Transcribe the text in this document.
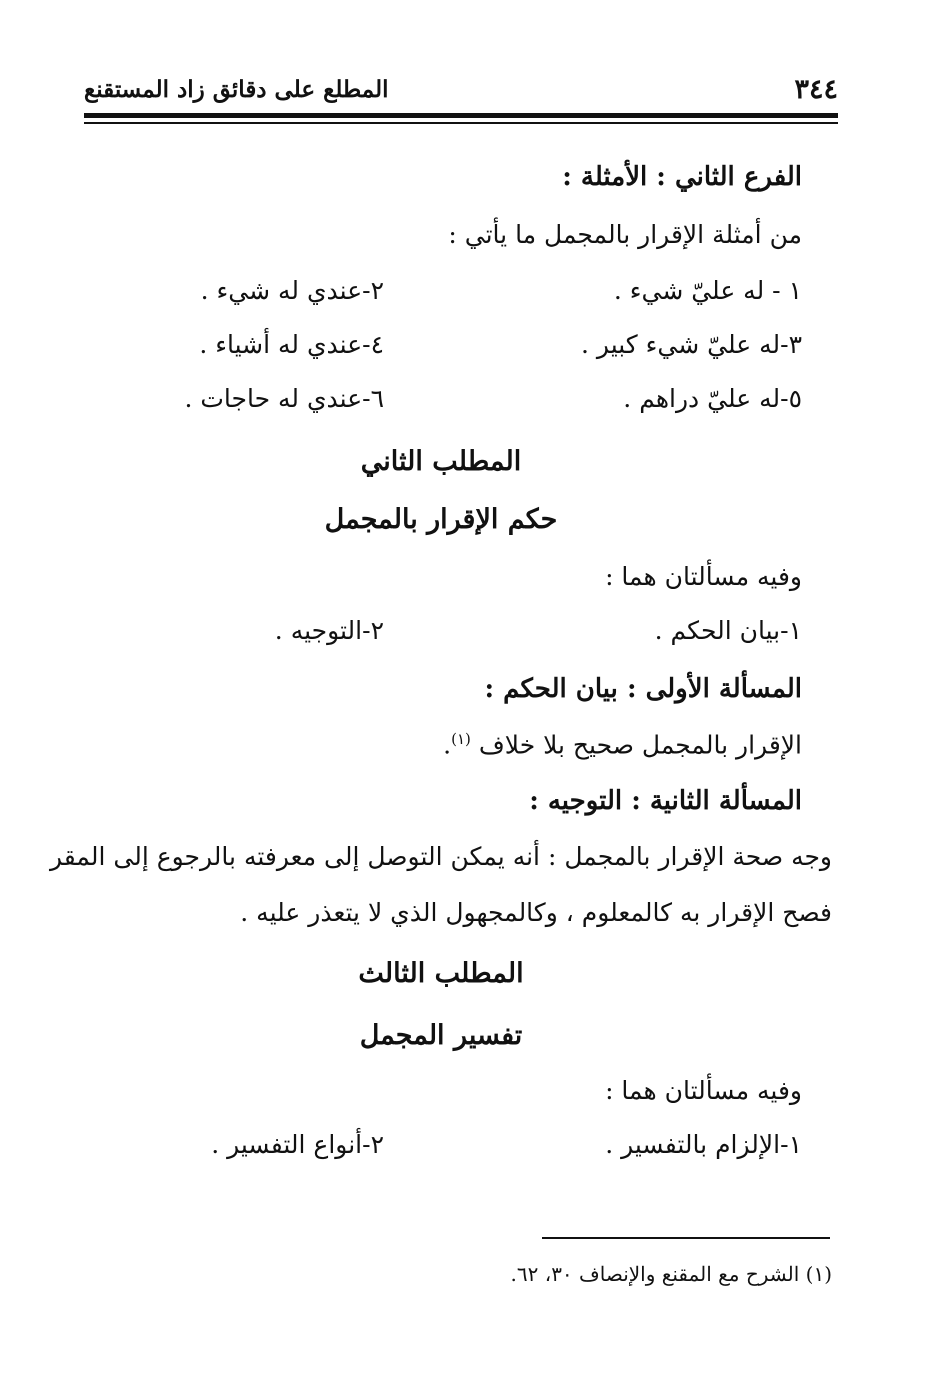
٣٤٤
المطلع على دقائق زاد المستقنع
الفرع الثاني : الأمثلة :
من أمثلة الإقرار بالمجمل ما يأتي :
١ - له عليّ شيء .
٢-عندي له شيء .
٣-له عليّ شيء كبير .
٤-عندي له أشياء .
٥-له عليّ دراهم .
٦-عندي له حاجات .
المطلب الثاني
حكم الإقرار بالمجمل
وفيه مسألتان هما :
١-بيان الحكم .
٢-التوجيه .
المسألة الأولى : بيان الحكم :
الإقرار بالمجمل صحيح بلا خلاف $^{(١)}$.
المسألة الثانية : التوجيه :
وجه صحة الإقرار بالمجمل : أنه يمكن التوصل إلى معرفته بالرجوع إلى المقر
فصح الإقرار به كالمعلوم ، وكالمجهول الذي لا يتعذر عليه .
المطلب الثالث
تفسير المجمل
وفيه مسألتان هما :
١-الإلزام بالتفسير .
٢-أنواع التفسير .
(١) الشرح مع المقنع والإنصاف ٣٠، ٦٢.
